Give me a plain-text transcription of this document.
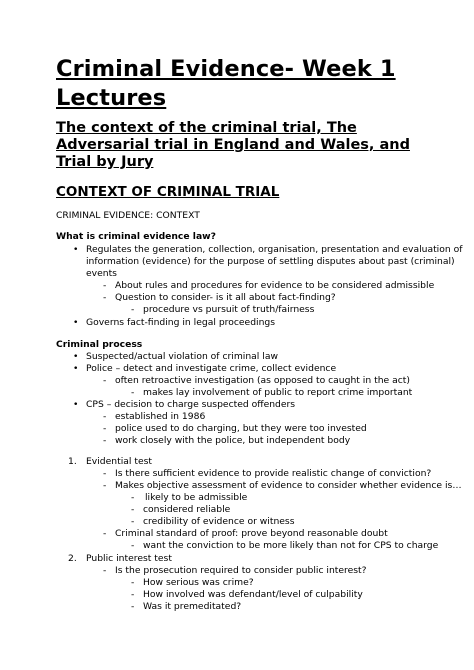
Criminal Evidence- Week 1
Lectures
The context of the criminal trial, The
Adversarial trial in England and Wales, and
Trial by Jury
CONTEXT OF CRIMINAL TRIAL
CRIMINAL EVIDENCE: CONTEXT
What is criminal evidence law?
• Regulates the generation, collection, organisation, presentation and evaluation of
information (evidence) for the purpose of settling disputes about past (criminal)
events
- About rules and procedures for evidence to be considered admissible
- Question to consider- is it all about fact-finding?
- procedure vs pursuit of truth/fairness
• Governs fact-finding in legal proceedings
Criminal process
• Suspected/actual violation of criminal law
• Police – detect and investigate crime, collect evidence
- often retroactive investigation (as opposed to caught in the act)
- makes lay involvement of public to report crime important
• CPS – decision to charge suspected offenders
- established in 1986
- police used to do charging, but they were too invested
- work closely with the police, but independent body
1. Evidential test
- Is there sufficient evidence to provide realistic change of conviction?
- Makes objective assessment of evidence to consider whether evidence is…
- likely to be admissible
- considered reliable
- credibility of evidence or witness
- Criminal standard of proof: prove beyond reasonable doubt
- want the conviction to be more likely than not for CPS to charge
2. Public interest test
- Is the prosecution required to consider public interest?
- How serious was crime?
- How involved was defendant/level of culpability
- Was it premeditated?
